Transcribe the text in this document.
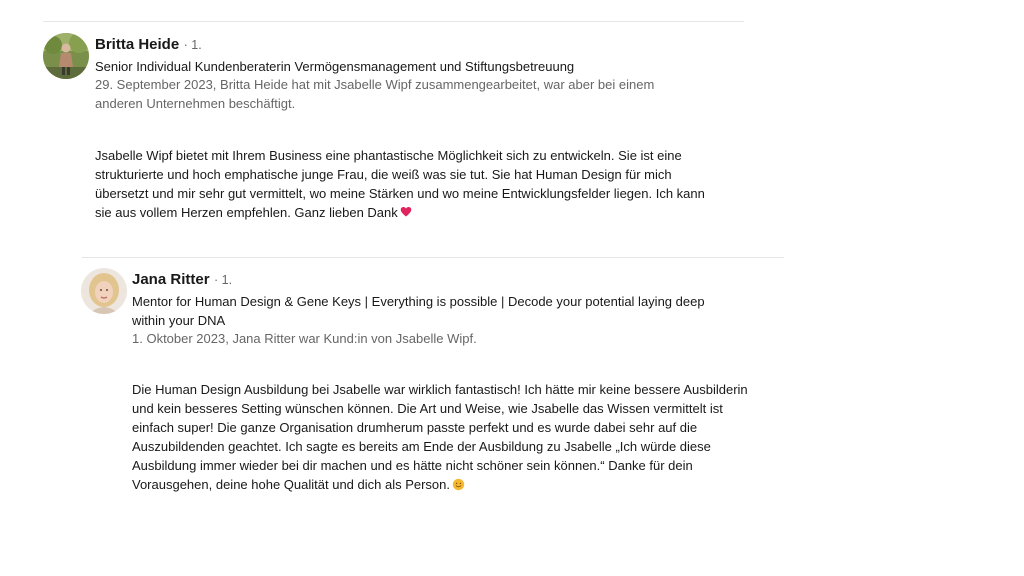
Britta Heide · 1.
Senior Individual Kundenberaterin Vermögensmanagement und Stiftungsbetreuung
29. September 2023, Britta Heide hat mit Jsabelle Wipf zusammengearbeitet, war aber bei einem anderen Unternehmen beschäftigt.
Jsabelle Wipf bietet mit Ihrem Business eine phantastische Möglichkeit sich zu entwickeln. Sie ist eine strukturierte und hoch emphatische junge Frau, die weiß was sie tut. Sie hat Human Design für mich übersetzt und mir sehr gut vermittelt, wo meine Stärken und wo meine Entwicklungsfelder liegen. Ich kann sie aus vollem Herzen empfehlen. Ganz lieben Dank
Jana Ritter · 1.
Mentor for Human Design & Gene Keys | Everything is possible | Decode your potential laying deep within your DNA
1. Oktober 2023, Jana Ritter war Kund:in von Jsabelle Wipf.
Die Human Design Ausbildung bei Jsabelle war wirklich fantastisch! Ich hätte mir keine bessere Ausbilderin und kein besseres Setting wünschen können. Die Art und Weise, wie Jsabelle das Wissen vermittelt ist einfach super! Die ganze Organisation drumherum passte perfekt und es wurde dabei sehr auf die Auszubildenden geachtet. Ich sagte es bereits am Ende der Ausbildung zu Jsabelle „Ich würde diese Ausbildung immer wieder bei dir machen und es hätte nicht schöner sein können.“ Danke für dein Vorausgehen, deine hohe Qualität und dich als Person.
